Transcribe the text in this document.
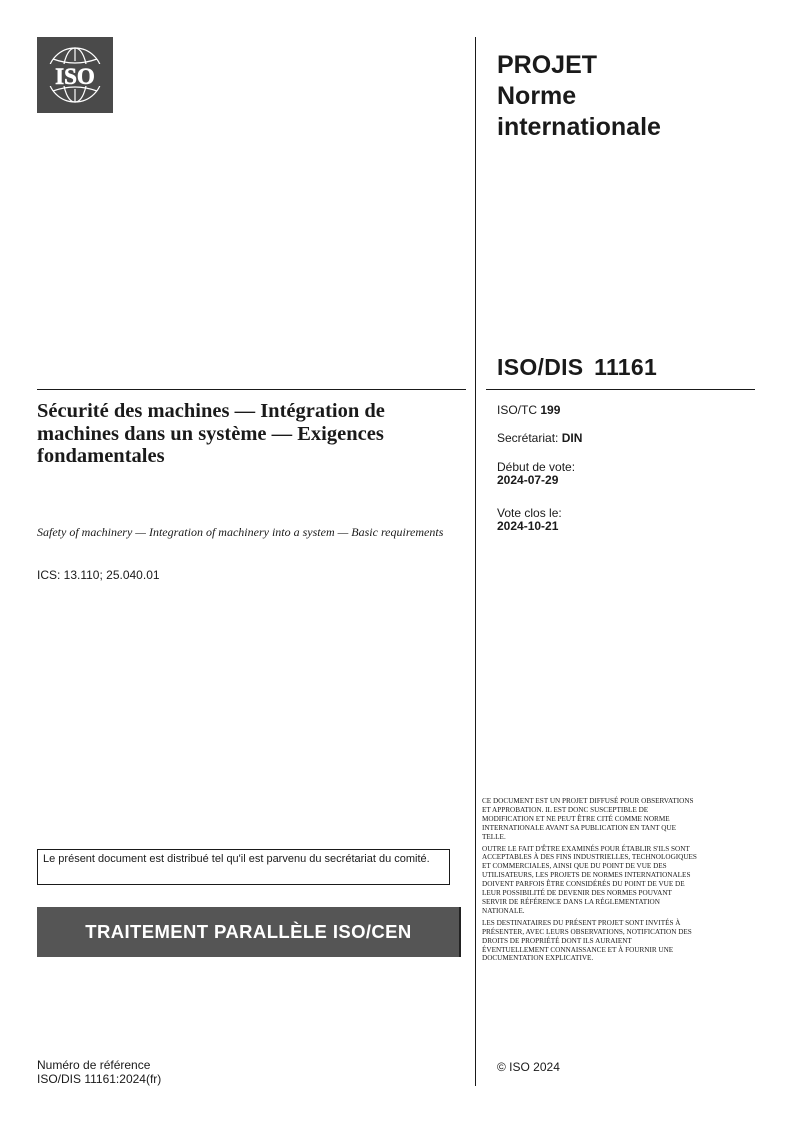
ISO	PROJET
Norme
internationale
ISO/DIS 11161
Sécurité des machines — Intégration de machines dans un système — Exigences fondamentales
Safety of machinery — Integration of machinery into a system — Basic requirements
ICS: 13.110; 25.040.01
ISO/TC 199
Secrétariat: DIN
Début de vote:
2024-07-29
Vote clos le:
2024-10-21
Le présent document est distribué tel qu'il est parvenu du secrétariat du comité.
TRAITEMENT PARALLÈLE ISO/CEN
Numéro de référence
ISO/DIS 11161:2024(fr)

CE DOCUMENT EST UN PROJET DIFFUSÉ POUR OBSERVATIONS ET APPROBATION. IL EST DONC SUSCEPTIBLE DE MODIFICATION ET NE PEUT ÊTRE CITÉ COMME NORME INTERNATIONALE AVANT SA PUBLICATION EN TANT QUE TELLE.

OUTRE LE FAIT D'ÊTRE EXAMINÉS POUR ÉTABLIR S'ILS SONT ACCEPTABLES À DES FINS INDUSTRIELLES, TECHNOLOGIQUES ET COMMERCIALES, AINSI QUE DU POINT DE VUE DES UTILISATEURS, LES PROJETS DE NORMES INTERNATIONALES DOIVENT PARFOIS ÊTRE CONSIDÉRÉS DU POINT DE VUE DE LEUR POSSIBILITÉ DE DEVENIR DES NORMES POUVANT SERVIR DE RÉFÉRENCE DANS LA RÉGLEMENTATION NATIONALE.

LES DESTINATAIRES DU PRÉSENT PROJET SONT INVITÉS À PRÉSENTER, AVEC LEURS OBSERVATIONS, NOTIFICATION DES DROITS DE PROPRIÉTÉ DONT ILS AURAIENT ÉVENTUELLEMENT CONNAISSANCE ET À FOURNIR UNE DOCUMENTATION EXPLICATIVE.

© ISO 2024
